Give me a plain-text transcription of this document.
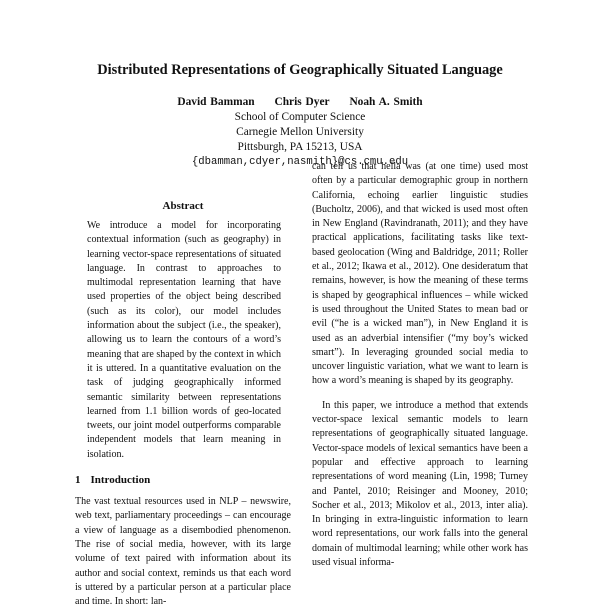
Distributed Representations of Geographically Situated Language
David Bamman Chris Dyer Noah A. Smith
School of Computer Science
Carnegie Mellon University
Pittsburgh, PA 15213, USA
{dbamman,cdyer,nasmith}@cs.cmu.edu
Abstract

We introduce a model for incorporating contextual information (such as geography) in learning vector-space representations of situated language. In contrast to approaches to multimodal representation learning that have used properties of the object being described (such as its color), our model includes information about the subject (i.e., the speaker), allowing us to learn the contours of a word’s meaning that are shaped by the context in which it is uttered. In a quantitative evaluation on the task of judging geographically informed semantic similarity between representations learned from 1.1 billion words of geo-located tweets, our joint model outperforms comparable independent models that learn meaning in isolation.

1 Introduction

The vast textual resources used in NLP – newswire, web text, parliamentary proceedings – can encourage a view of language as a disembodied phenomenon. The rise of social media, however, with its large volume of text paired with information about its author and social context, reminds us that each word is uttered by a particular person at a particular place and time. In short: lan-

can tell us that hella was (at one time) used most often by a particular demographic group in northern California, echoing earlier linguistic studies (Bucholtz, 2006), and that wicked is used most often in New England (Ravindranath, 2011); and they have practical applications, facilitating tasks like text-based geolocation (Wing and Baldridge, 2011; Roller et al., 2012; Ikawa et al., 2012). One desideratum that remains, however, is how the meaning of these terms is shaped by geographical influences – while wicked is used throughout the United States to mean bad or evil (“he is a wicked man”), in New England it is used as an adverbial intensifier (“my boy’s wicked smart”). In leveraging grounded social media to uncover linguistic variation, what we want to learn is how a word’s meaning is shaped by its geography.

In this paper, we introduce a method that extends vector-space lexical semantic models to learn representations of geographically situated language. Vector-space models of lexical semantics have been a popular and effective approach to learning representations of word meaning (Lin, 1998; Turney and Pantel, 2010; Reisinger and Mooney, 2010; Socher et al., 2013; Mikolov et al., 2013, inter alia). In bringing in extra-linguistic information to learn word representations, our work falls into the general domain of multimodal learning; while other work has used visual informa-
